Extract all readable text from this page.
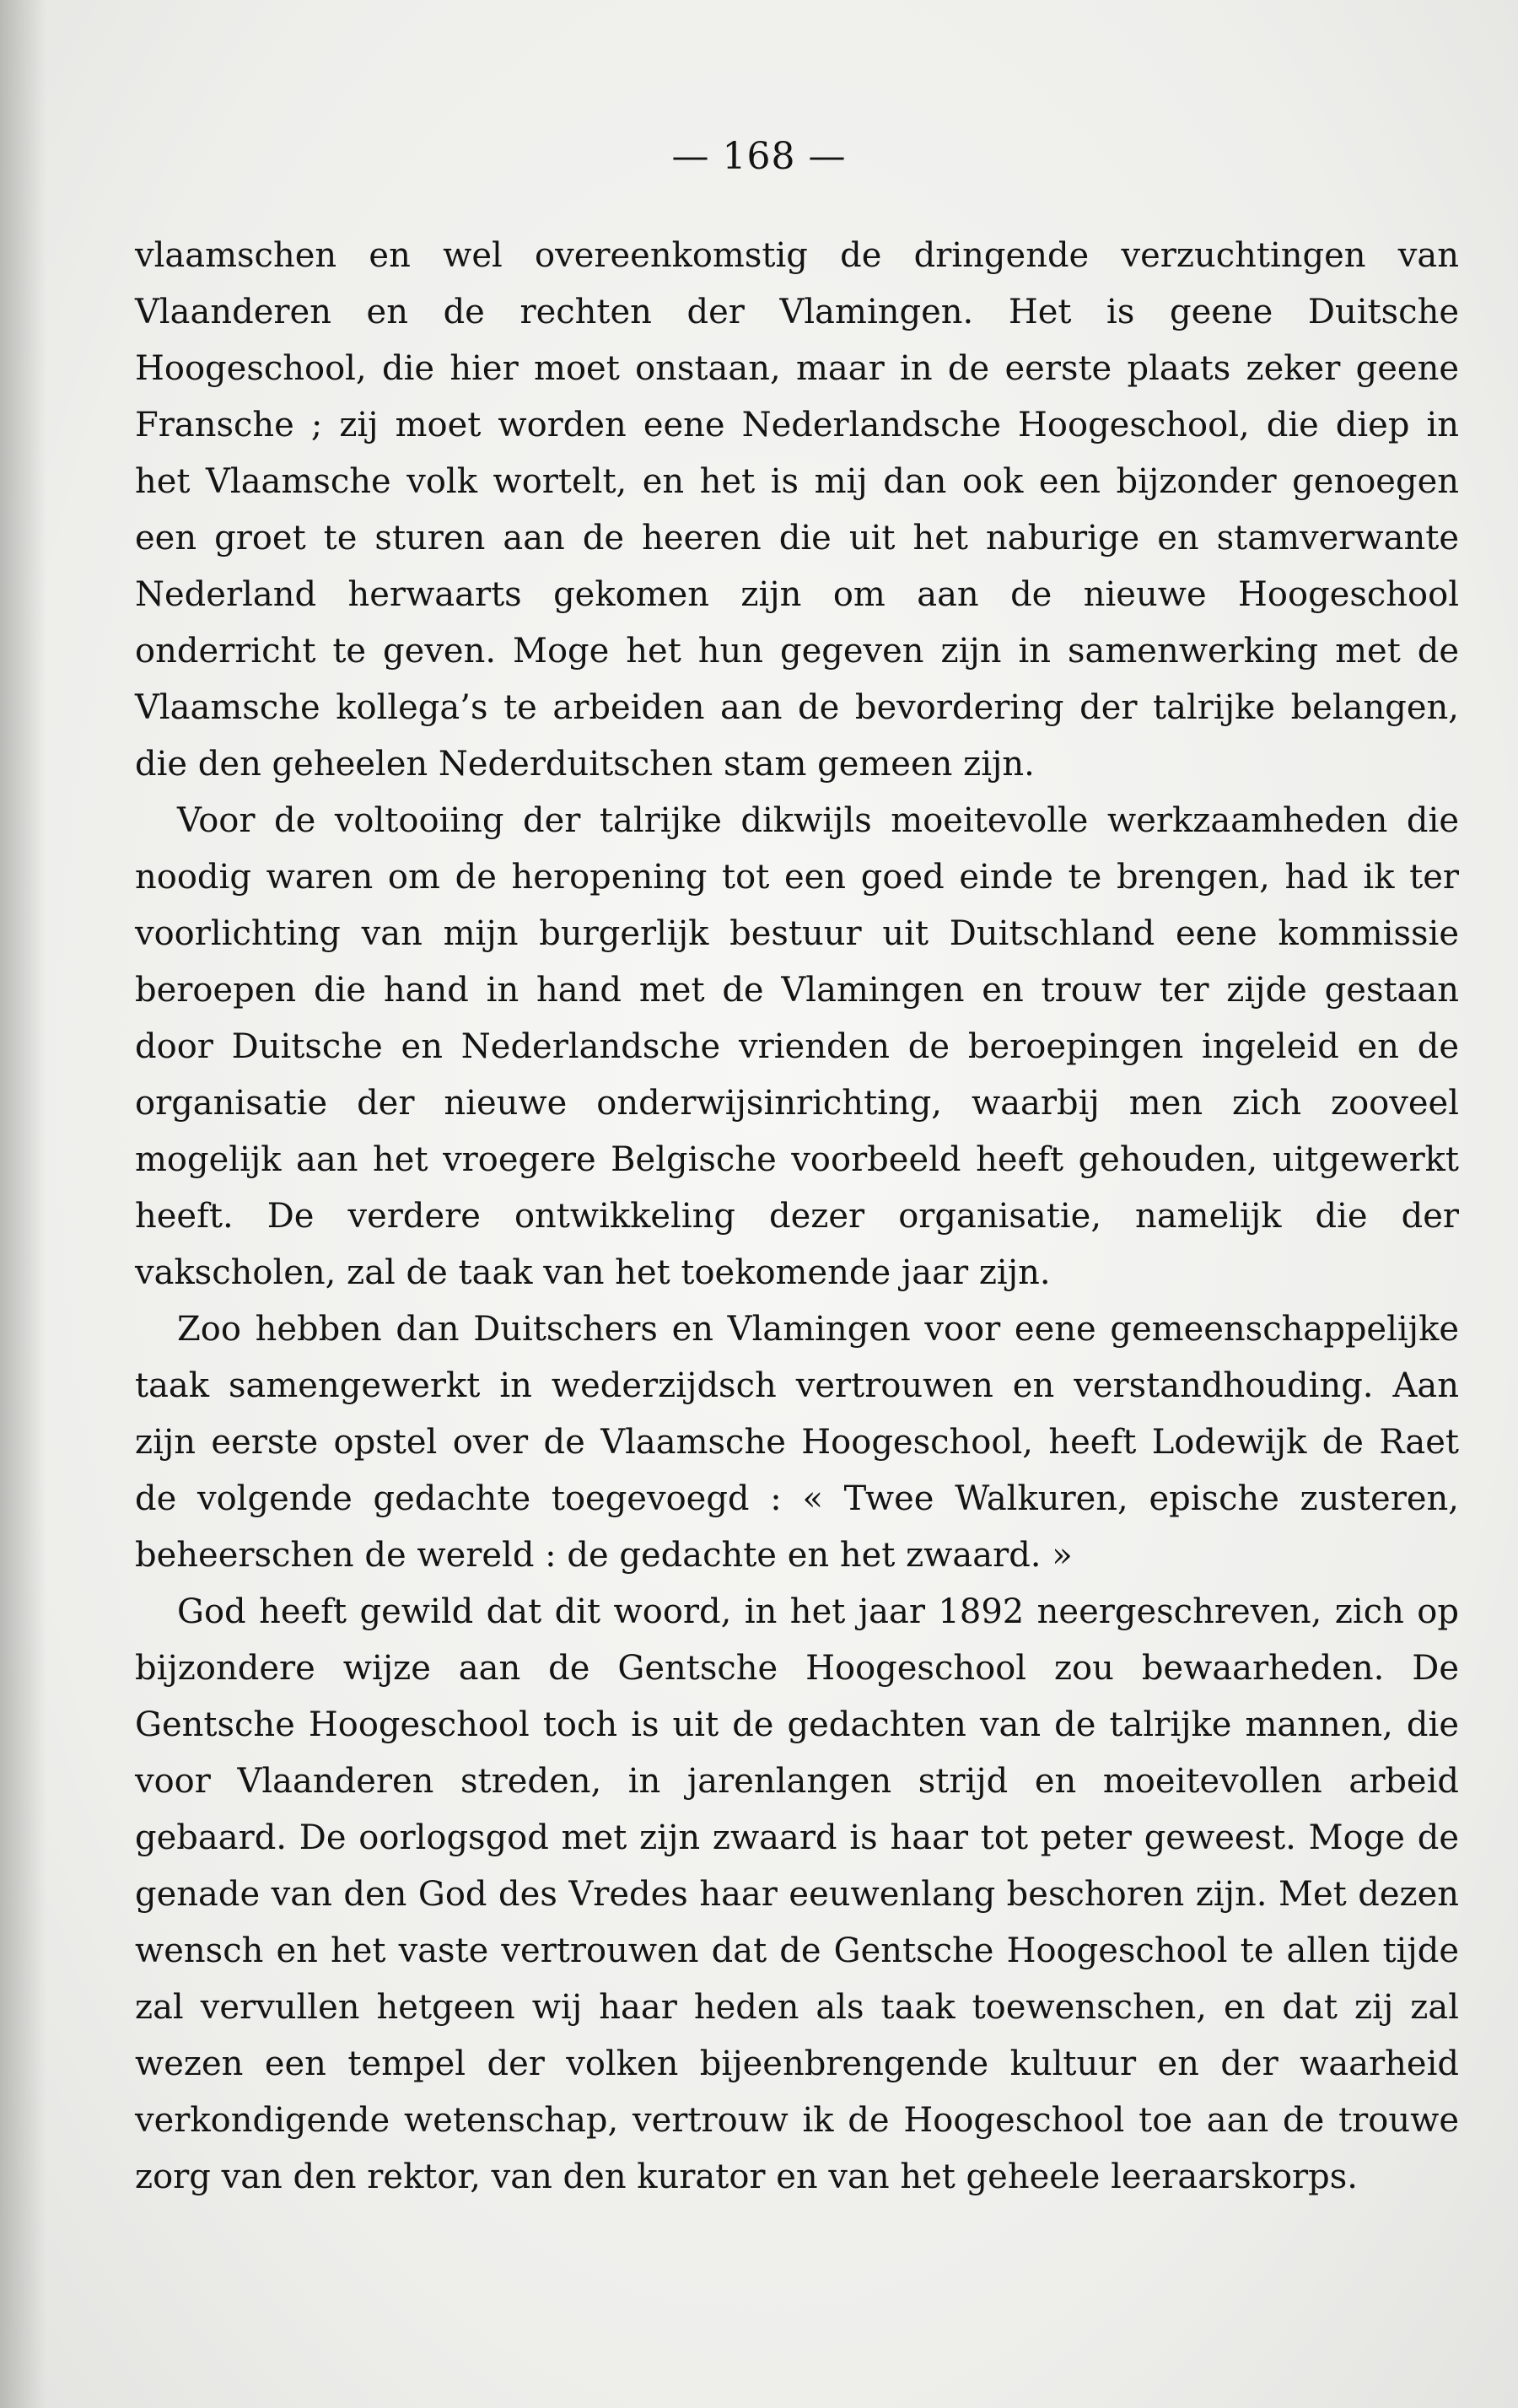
— 168 —

vlaamschen en wel overeenkomstig de dringende verzuchtingen van Vlaanderen en de rechten der Vlamingen. Het is geene Duitsche Hoogeschool, die hier moet onstaan, maar in de eerste plaats zeker geene Fransche ; zij moet worden eene Nederlandsche Hoogeschool, die diep in het Vlaamsche volk wortelt, en het is mij dan ook een bijzonder genoegen een groet te sturen aan de heeren die uit het naburige en stamverwante Nederland herwaarts gekomen zijn om aan de nieuwe Hoogeschool onderricht te geven. Moge het hun gegeven zijn in samenwerking met de Vlaamsche kollega’s te arbeiden aan de bevordering der talrijke belangen, die den geheelen Nederduitschen stam gemeen zijn.

Voor de voltooiing der talrijke dikwijls moeitevolle werkzaamheden die noodig waren om de heropening tot een goed einde te brengen, had ik ter voorlichting van mijn burgerlijk bestuur uit Duitschland eene kommissie beroepen die hand in hand met de Vlamingen en trouw ter zijde gestaan door Duitsche en Nederlandsche vrienden de beroepingen ingeleid en de organisatie der nieuwe onderwijsinrichting, waarbij men zich zooveel mogelijk aan het vroegere Belgische voorbeeld heeft gehouden, uitgewerkt heeft. De verdere ontwikkeling dezer organisatie, namelijk die der vakscholen, zal de taak van het toekomende jaar zijn.

Zoo hebben dan Duitschers en Vlamingen voor eene gemeenschappelijke taak samengewerkt in wederzijdsch vertrouwen en verstandhouding. Aan zijn eerste opstel over de Vlaamsche Hoogeschool, heeft Lodewijk de Raet de volgende gedachte toegevoegd : « Twee Walkuren, epische zusteren, beheerschen de wereld : de gedachte en het zwaard. »

God heeft gewild dat dit woord, in het jaar 1892 neergeschreven, zich op bijzondere wijze aan de Gentsche Hoogeschool zou bewaarheden. De Gentsche Hoogeschool toch is uit de gedachten van de talrijke mannen, die voor Vlaanderen streden, in jarenlangen strijd en moeitevollen arbeid gebaard. De oorlogsgod met zijn zwaard is haar tot peter geweest. Moge de genade van den God des Vredes haar eeuwenlang beschoren zijn. Met dezen wensch en het vaste vertrouwen dat de Gentsche Hoogeschool te allen tijde zal vervullen hetgeen wij haar heden als taak toewenschen, en dat zij zal wezen een tempel der volken bijeenbrengende kultuur en der waarheid verkondigende wetenschap, vertrouw ik de Hoogeschool toe aan de trouwe zorg van den rektor, van den kurator en van het geheele leeraarskorps.
